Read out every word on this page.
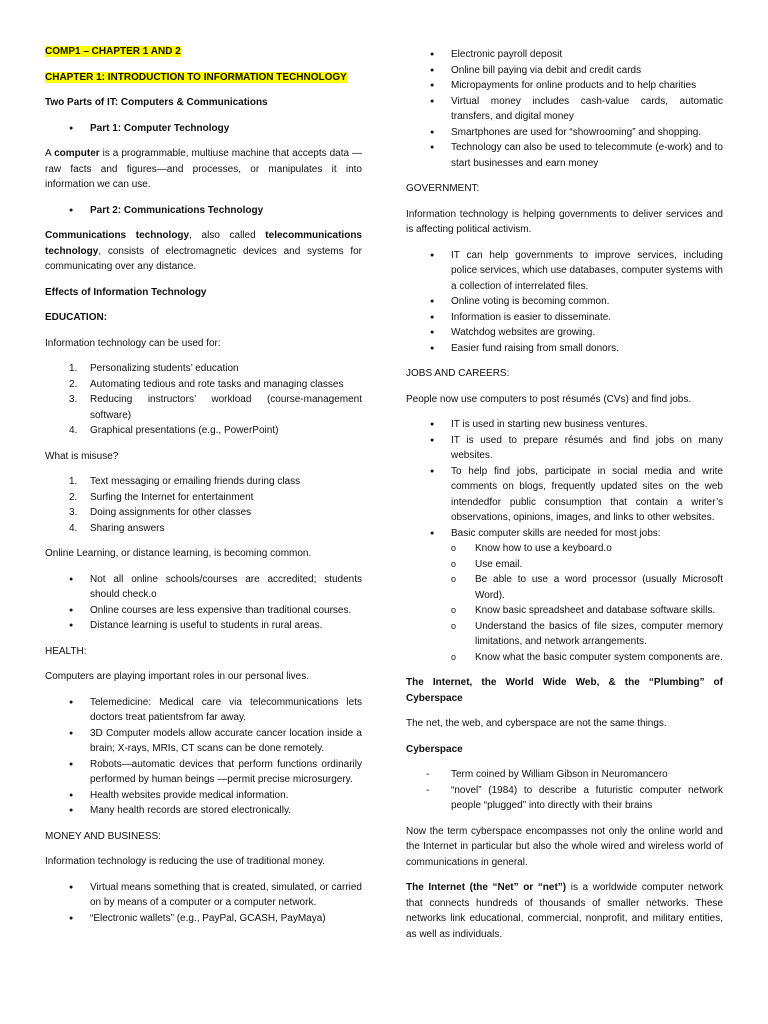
COMP1 – CHAPTER 1 AND 2

CHAPTER 1: INTRODUCTION TO INFORMATION TECHNOLOGY

Two Parts of IT: Computers & Communications

● Part 1: Computer Technology

A computer is a programmable, multiuse machine that accepts data —raw facts and figures—and processes, or manipulates it into information we can use.

● Part 2: Communications Technology

Communications technology, also called telecommunications technology, consists of electromagnetic devices and systems for communicating over any distance.

Effects of Information Technology

EDUCATION:

Information technology can be used for:

1. Personalizing students’ education
2. Automating tedious and rote tasks and managing classes
3. Reducing instructors’ workload (course-management software)
4. Graphical presentations (e.g., PowerPoint)

What is misuse?

1. Text messaging or emailing friends during class
2. Surfing the Internet for entertainment
3. Doing assignments for other classes
4. Sharing answers

Online Learning, or distance learning, is becoming common.

● Not all online schools/courses are accredited; students should check.o
● Online courses are less expensive than traditional courses.
● Distance learning is useful to students in rural areas.

HEALTH:

Computers are playing important roles in our personal lives.

● Telemedicine: Medical care via telecommunications lets doctors treat patientsfrom far away.
● 3D Computer models allow accurate cancer location inside a brain; X-rays, MRIs, CT scans can be done remotely.
● Robots—automatic devices that perform functions ordinarily performed by human beings —permit precise microsurgery.
● Health websites provide medical information.
● Many health records are stored electronically.

MONEY AND BUSINESS:

Information technology is reducing the use of traditional money.

● Virtual means something that is created, simulated, or carried on by means of a computer or a computer network.
● “Electronic wallets” (e.g., PayPal, GCASH, PayMaya)
● Electronic payroll deposit
● Online bill paying via debit and credit cards
● Micropayments for online products and to help charities
● Virtual money includes cash-value cards, automatic transfers, and digital money
● Smartphones are used for “showrooming” and shopping.
● Technology can also be used to telecommute (e-work) and to start businesses and earn money

GOVERNMENT:

Information technology is helping governments to deliver services and is affecting political activism.

● IT can help governments to improve services, including police services, which use databases, computer systems with a collection of interrelated files.
● Online voting is becoming common.
● Information is easier to disseminate.
● Watchdog websites are growing.
● Easier fund raising from small donors.

JOBS AND CAREERS:

People now use computers to post résumés (CVs) and find jobs.

● IT is used in starting new business ventures.
● IT is used to prepare résumés and find jobs on many websites.
● To help find jobs, participate in social media and write comments on blogs, frequently updated sites on the web intendedfor public consumption that contain a writer’s observations, opinions, images, and links to other websites.
● Basic computer skills are needed for most jobs:
o Know how to use a keyboard.o
o Use email.
o Be able to use a word processor (usually Microsoft Word).
o Know basic spreadsheet and database software skills.
o Understand the basics of file sizes, computer memory limitations, and network arrangements.
o Know what the basic computer system components are.

The Internet, the World Wide Web, & the “Plumbing” of Cyberspace

The net, the web, and cyberspace are not the same things.

Cyberspace

- Term coined by William Gibson in Neuromancero
- “novel” (1984) to describe a futuristic computer network people “plugged” into directly with their brains

Now the term cyberspace encompasses not only the online world and the Internet in particular but also the whole wired and wireless world of communications in general.

The Internet (the “Net” or “net”) is a worldwide computer network that connects hundreds of thousands of smaller networks. These networks link educational, commercial, nonprofit, and military entities, as well as individuals.
